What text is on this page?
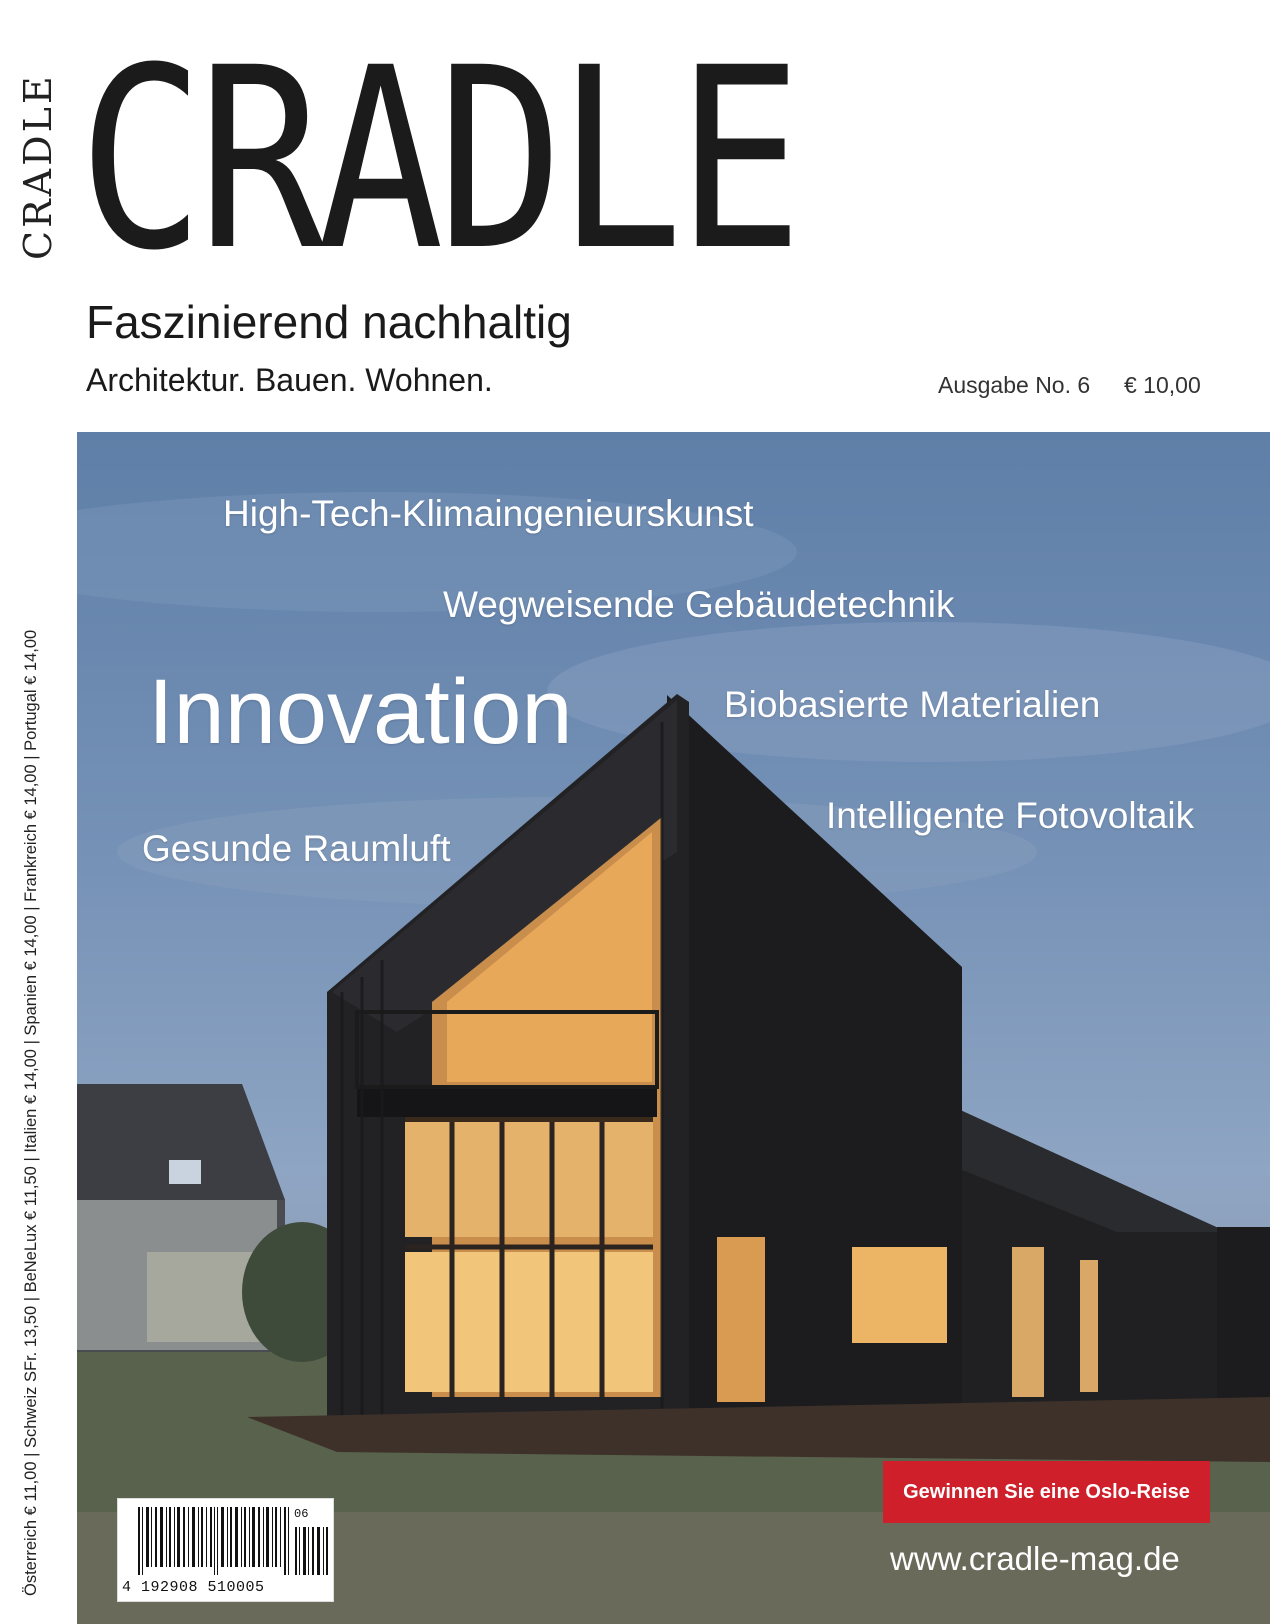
CRADLE CRADLE
Faszinierend nachhaltig
Architektur. Bauen. Wohnen.	Ausgabe No. 6 € 10,00
Österreich € 11,00 | Schweiz SFr. 13,50 | BeNeLux € 11,50 | Italien € 14,00 | Spanien € 14,00 | Frankreich € 14,00 | Portugal € 14,00
High-Tech-Klimaingenieurskunst
Wegweisende Gebäudetechnik
Innovation	Biobasierte Materialien
Intelligente Fotovoltaik
Gesunde Raumluft
06
4 192908 510005
Gewinnen Sie eine Oslo-Reise
www.cradle-mag.de
